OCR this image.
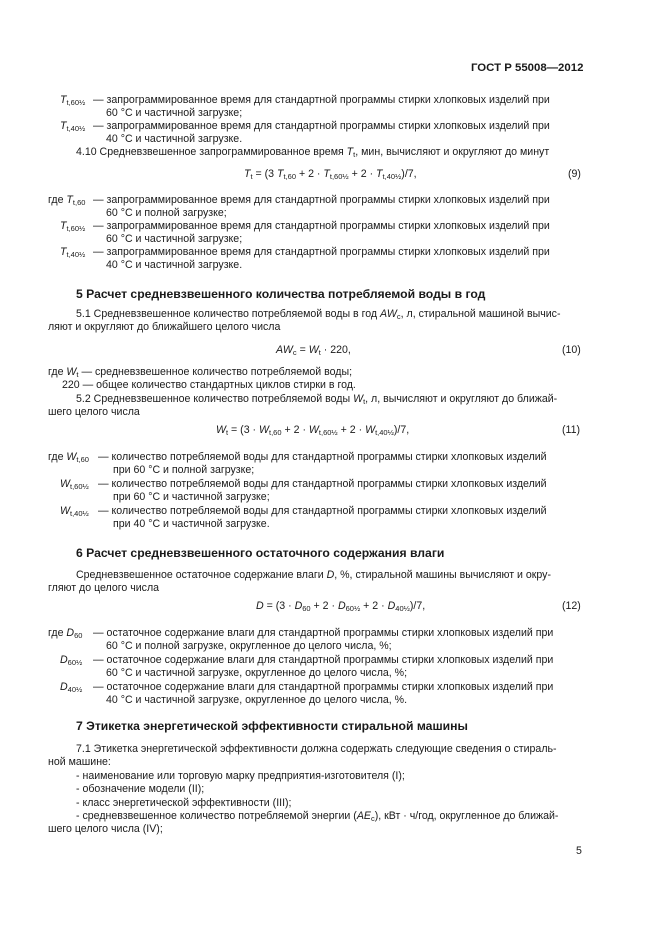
ГОСТ Р 55008—2012
$T_{t,60\frac{1}{2}}$ — запрограммированное время для стандартной программы стирки хлопковых изделий при
60 °C и частичной загрузке;
$T_{t,40\frac{1}{2}}$ — запрограммированное время для стандартной программы стирки хлопковых изделий при
40 °C и частичной загрузке.
4.10 Средневзвешенное запрограммированное время $T_t$, мин, вычисляют и округляют до минут
$T_t = (3$ $T_{t,60} + 2 \cdot T_{t,60\frac{1}{2}} + 2 \cdot T_{t,40\frac{1}{2}})/7$,	(9)
где $T_{t,60}$ — запрограммированное время для стандартной программы стирки хлопковых изделий при
60 °C и полной загрузке;
$T_{t,60\frac{1}{2}}$ — запрограммированное время для стандартной программы стирки хлопковых изделий при
60 °C и частичной загрузке;
$T_{t,40\frac{1}{2}}$ — запрограммированное время для стандартной программы стирки хлопковых изделий при
40 °C и частичной загрузке.
5 Расчет средневзвешенного количества потребляемой воды в год
5.1 Средневзвешенное количество потребляемой воды в год $AW_c$, л, стиральной машиной вычис-
ляют и округляют до ближайшего целого числа
$AW_c = W_t \cdot 220$,	(10)
где $W_t$ — средневзвешенное количество потребляемой воды;
220 — общее количество стандартных циклов стирки в год.
5.2 Средневзвешенное количество потребляемой воды $W_t$, л, вычисляют и округляют до ближай-
шего целого числа
$W_t = (3 \cdot W_{t,60} + 2 \cdot W_{t,60\frac{1}{2}} + 2 \cdot W_{t,40\frac{1}{2}})/7$,	(11)
где $W_{t,60}$ — количество потребляемой воды для стандартной программы стирки хлопковых изделий
при 60 °C и полной загрузке;
$W_{t,60\frac{1}{2}}$ — количество потребляемой воды для стандартной программы стирки хлопковых изделий
при 60 °C и частичной загрузке;
$W_{t,40\frac{1}{2}}$ — количество потребляемой воды для стандартной программы стирки хлопковых изделий
при 40 °C и частичной загрузке.
6 Расчет средневзвешенного остаточного содержания влаги
Средневзвешенное остаточное содержание влаги D, %, стиральной машины вычисляют и окру-
гляют до целого числа
$D = (3 \cdot D_{60} + 2 \cdot D_{60\frac{1}{2}} + 2 \cdot D_{40\frac{1}{2}})/7$,	(12)
где $D_{60}$ — остаточное содержание влаги для стандартной программы стирки хлопковых изделий при
60 °C и полной загрузке, округленное до целого числа, %;
$D_{60\frac{1}{2}}$ — остаточное содержание влаги для стандартной программы стирки хлопковых изделий при
60 °C и частичной загрузке, округленное до целого числа, %;
$D_{40\frac{1}{2}}$ — остаточное содержание влаги для стандартной программы стирки хлопковых изделий при
40 °C и частичной загрузке, округленное до целого числа, %.
7 Этикетка энергетической эффективности стиральной машины
7.1 Этикетка энергетической эффективности должна содержать следующие сведения о стираль-
ной машине:
- наименование или торговую марку предприятия-изготовителя (I);
- обозначение модели (II);
- класс энергетической эффективности (III);
- средневзвешенное количество потребляемой энергии $(AE_c)$, кВт · ч/год, округленное до ближай-
шего целого числа (IV);
5
